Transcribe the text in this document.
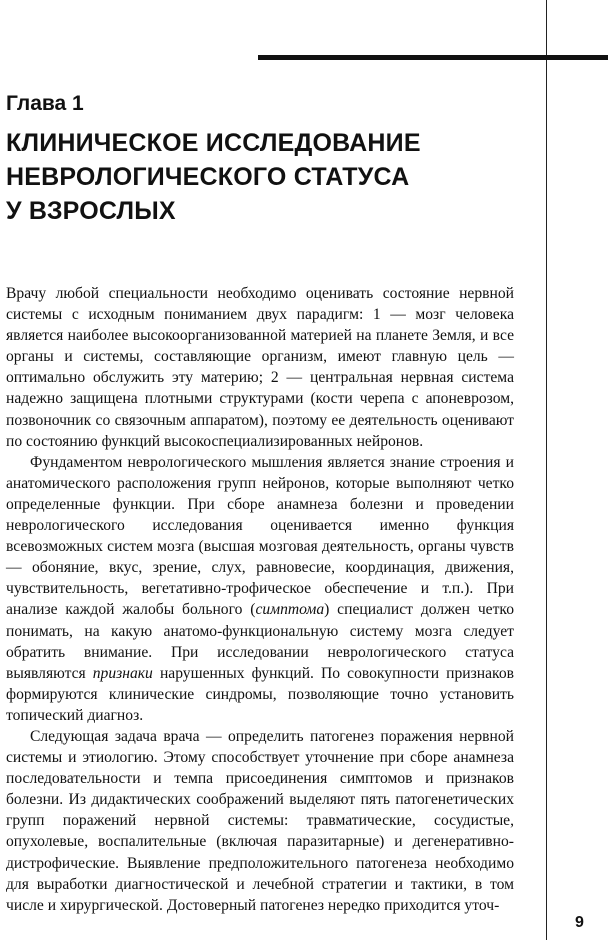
Глава 1
КЛИНИЧЕСКОЕ ИССЛЕДОВАНИЕ
НЕВРОЛОГИЧЕСКОГО СТАТУСА
У ВЗРОСЛЫХ

Врачу любой специальности необходимо оценивать состояние нервной системы с исходным пониманием двух парадигм: 1 — мозг человека является наиболее высокоорганизованной материей на планете Земля, и все органы и системы, составляющие организм, имеют главную цель — оптимально обслужить эту материю; 2 — центральная нервная система надежно защищена плотными структурами (кости черепа с апоневрозом, позвоночник со связочным аппаратом), поэтому ее деятельность оценивают по состоянию функций высокоспециализированных нейронов.

Фундаментом неврологического мышления является знание строения и анатомического расположения групп нейронов, которые выполняют четко определенные функции. При сборе анамнеза болезни и проведении неврологического исследования оценивается именно функция всевозможных систем мозга (высшая мозговая деятельность, органы чувств — обоняние, вкус, зрение, слух, равновесие, координация, движения, чувствительность, вегетативно-трофическое обеспечение и т.п.). При анализе каждой жалобы больного (симптома) специалист должен четко понимать, на какую анатомо-функциональную систему мозга следует обратить внимание. При исследовании неврологического статуса выявляются признаки нарушенных функций. По совокупности признаков формируются клинические синдромы, позволяющие точно установить топический диагноз.

Следующая задача врача — определить патогенез поражения нервной системы и этиологию. Этому способствует уточнение при сборе анамнеза последовательности и темпа присоединения симптомов и признаков болезни. Из дидактических соображений выделяют пять патогенетических групп поражений нервной системы: травматические, сосудистые, опухолевые, воспалительные (включая паразитарные) и дегенеративно-дистрофические. Выявление предположительного патогенеза необходимо для выработки диагностической и лечебной стратегии и тактики, в том числе и хирургической. Достоверный патогенез нередко приходится уточ-

9
